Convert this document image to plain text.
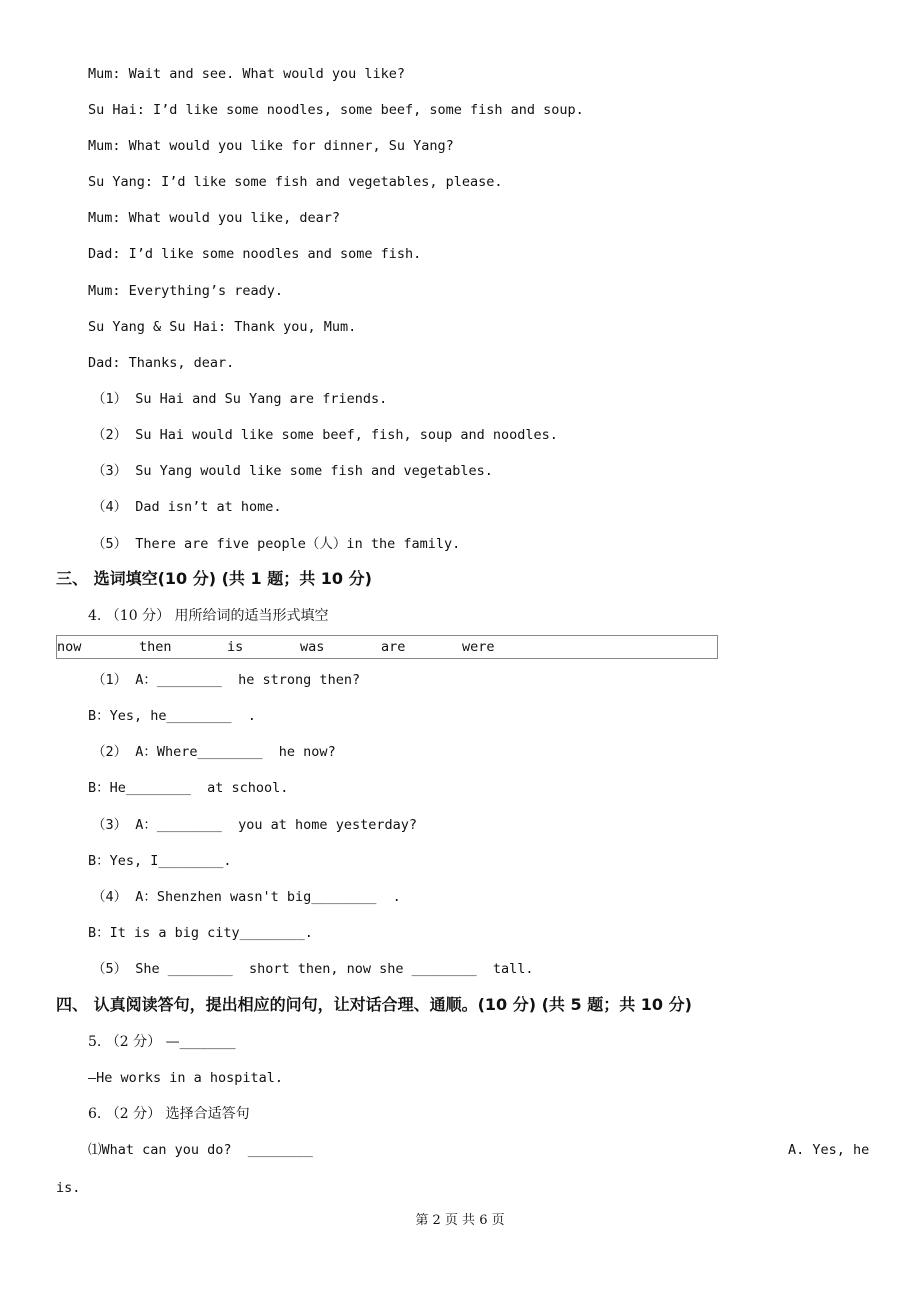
Mum: Wait and see. What would you like?
Su Hai: I’d like some noodles, some beef, some fish and soup.
Mum: What would you like for dinner, Su Yang?
Su Yang: I’d like some fish and vegetables, please.
Mum: What would you like, dear?
Dad: I’d like some noodles and some fish.
Mum: Everything’s ready.
Su Yang & Su Hai: Thank you, Mum.
Dad: Thanks, dear.
（1） Su Hai and Su Yang are friends.
（2） Su Hai would like some beef, fish, soup and noodles.
（3） Su Yang would like some fish and vegetables.
（4） Dad isn’t at home.
（5） There are five people（人）in the family.
三、 选词填空(10 分) (共 1 题；共 10 分)
4. （10 分） 用所给词的适当形式填空
now	then	is	was	are	were
（1） A：________  he strong then?
B：Yes, he________  .
（2） A：Where________  he now?
B：He________  at school.
（3） A：________  you at home yesterday?
B：Yes, I________.
（4） A：Shenzhen wasn't big________  .
B：It is a big city________.
（5） She ________  short then, now she ________  tall.
四、 认真阅读答句，提出相应的问句，让对话合理、通顺。(10 分) (共 5 题；共 10 分)
5. （2 分） —________
—He works in a hospital.
6. （2 分） 选择合适答句
⑴What can you do?  ________	A. Yes, he
is.
第 2 页 共 6 页
